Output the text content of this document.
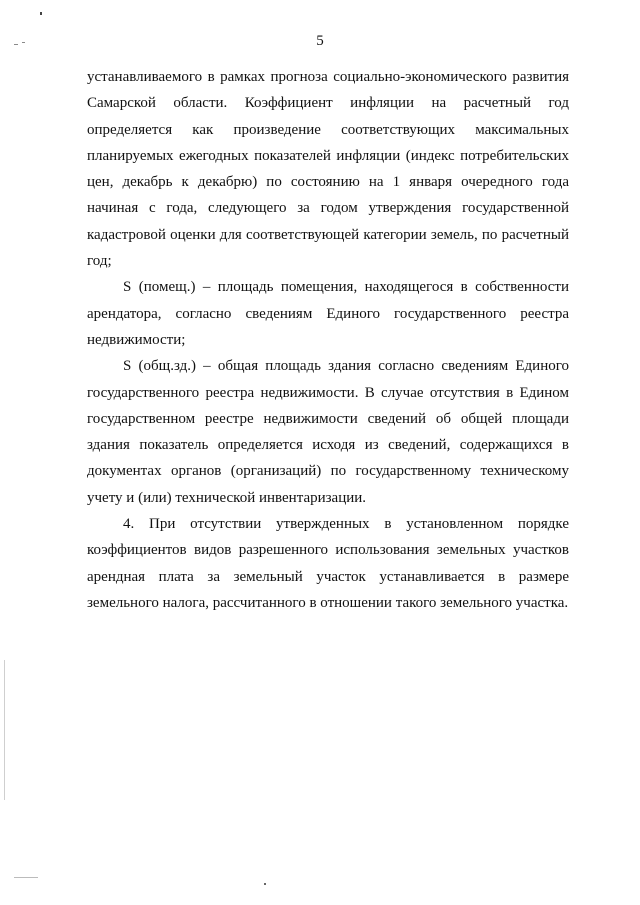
5

устанавливаемого в рамках прогноза социально-экономического развития
Самарской области. Коэффициент инфляции на расчетный год
определяется как произведение соответствующих максимальных
планируемых ежегодных показателей инфляции (индекс потребительских
цен, декабрь к декабрю) по состоянию на 1 января очередного года
начиная с года, следующего за годом утверждения государственной
кадастровой оценки для соответствующей категории земель, по расчетный
год;

S (помещ.) – площадь помещения, находящегося в собственности
арендатора, согласно сведениям Единого государственного реестра
недвижимости;

S (общ.зд.) – общая площадь здания согласно сведениям Единого
государственного реестра недвижимости. В случае отсутствия в Едином
государственном реестре недвижимости сведений об общей площади
здания показатель определяется исходя из сведений, содержащихся в
документах органов (организаций) по государственному техническому
учету и (или) технической инвентаризации.

4. При отсутствии утвержденных в установленном порядке
коэффициентов видов разрешенного использования земельных участков
арендная плата за земельный участок устанавливается в размере
земельного налога, рассчитанного в отношении такого земельного участка.
